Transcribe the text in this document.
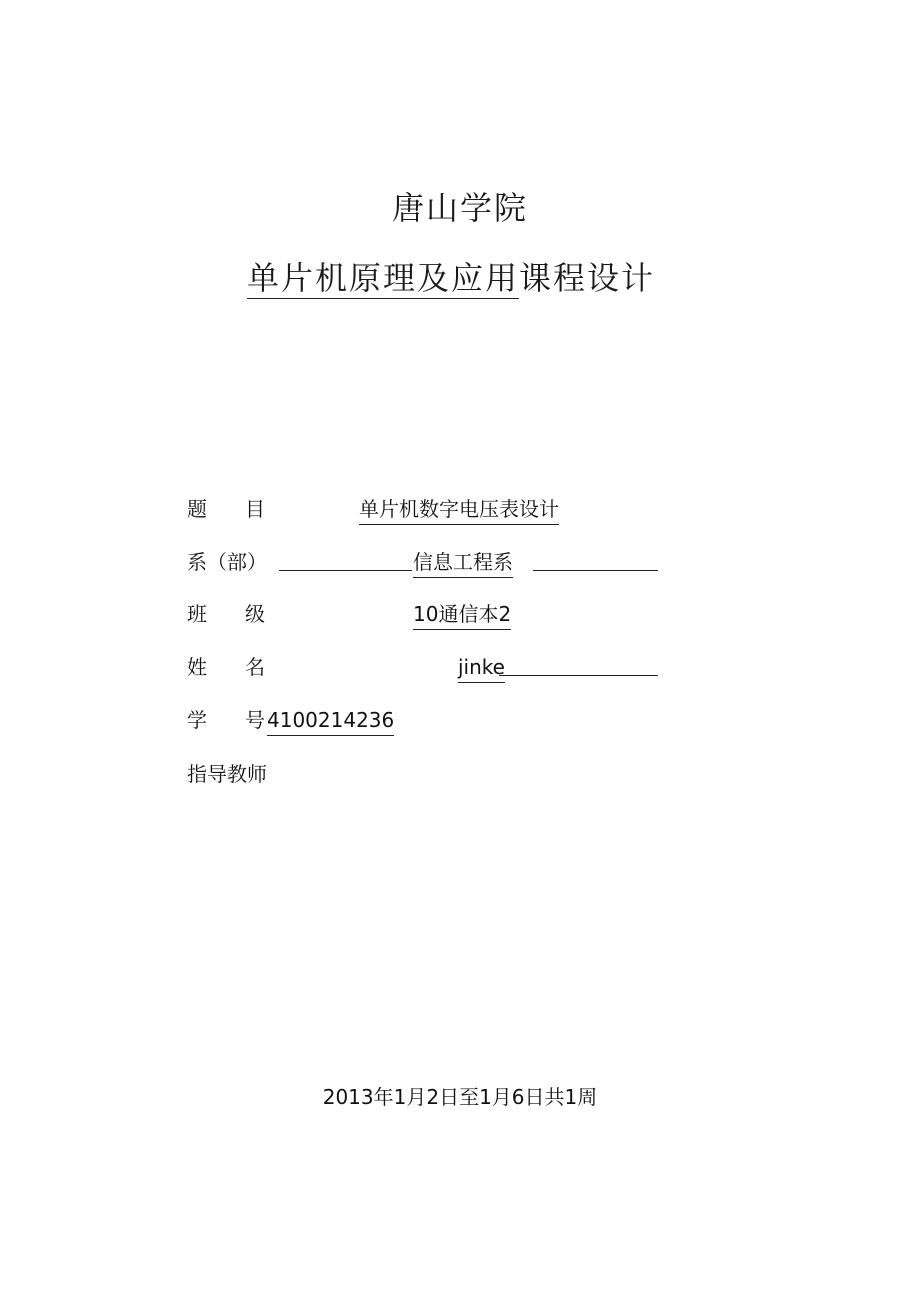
唐山学院
单片机原理及应用课程设计
题 目	单片机数字电压表设计
系（部）	信息工程系
班 级	10通信本2
姓 名	jinke
学 号 4100214236
指导教师
2013年1月2日至1月6日共1周
